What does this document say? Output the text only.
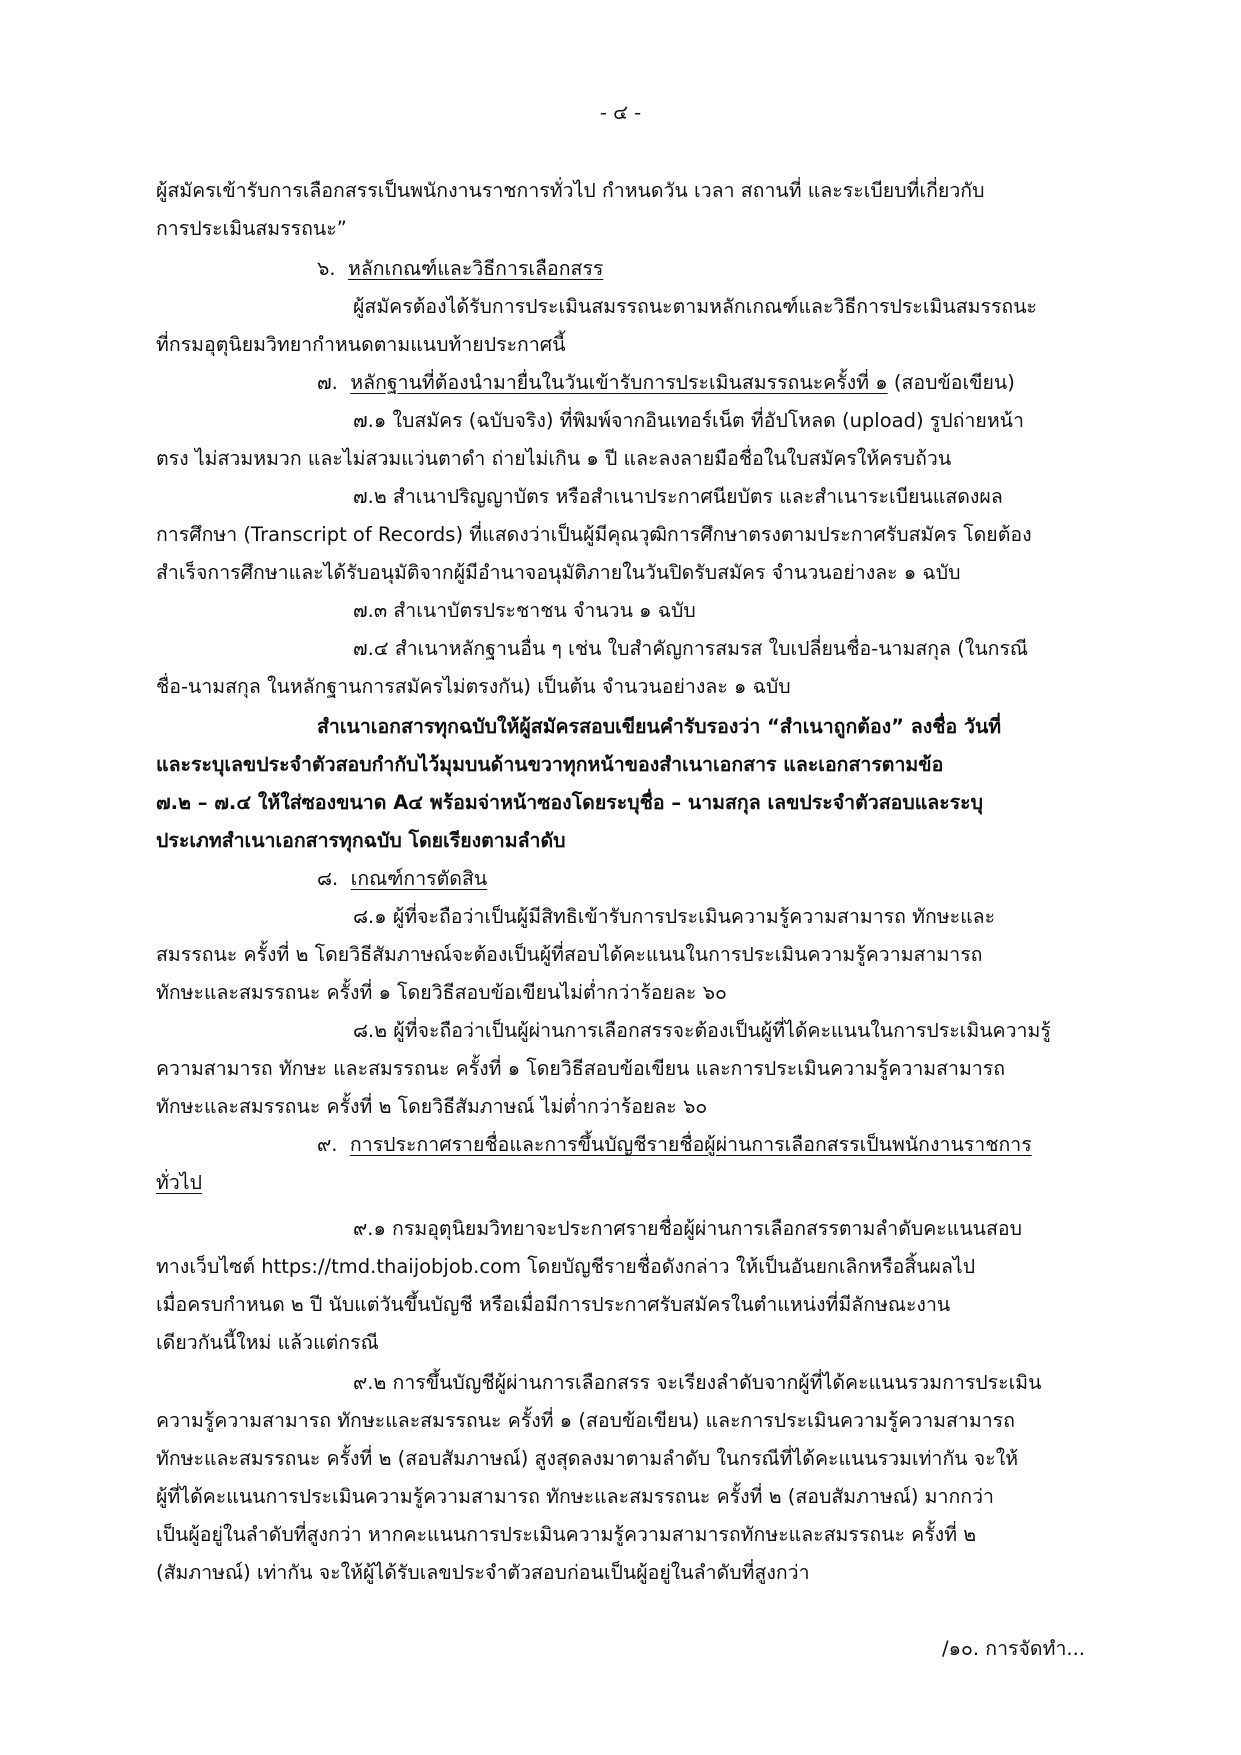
- ๔ -

ผู้สมัครเข้ารับการเลือกสรรเป็นพนักงานราชการทั่วไป กำหนดวัน เวลา สถานที่ และระเบียบที่เกี่ยวกับ

การประเมินสมรรถนะ”

๖. หลักเกณฑ์และวิธีการเลือกสรร

ผู้สมัครต้องได้รับการประเมินสมรรถนะตามหลักเกณฑ์และวิธีการประเมินสมรรถนะ

ที่กรมอุตุนิยมวิทยากำหนดตามแนบท้ายประกาศนี้

๗. หลักฐานที่ต้องนำมายื่นในวันเข้ารับการประเมินสมรรถนะครั้งที่ ๑ (สอบข้อเขียน)

๗.๑ ใบสมัคร (ฉบับจริง) ที่พิมพ์จากอินเทอร์เน็ต ที่อัปโหลด (upload) รูปถ่ายหน้า

ตรง ไม่สวมหมวก และไม่สวมแว่นตาดำ ถ่ายไม่เกิน ๑ ปี และลงลายมือชื่อในใบสมัครให้ครบถ้วน

๗.๒ สำเนาปริญญาบัตร หรือสำเนาประกาศนียบัตร และสำเนาระเบียนแสดงผล

การศึกษา (Transcript of Records) ที่แสดงว่าเป็นผู้มีคุณวุฒิการศึกษาตรงตามประกาศรับสมัคร โดยต้อง

สำเร็จการศึกษาและได้รับอนุมัติจากผู้มีอำนาจอนุมัติภายในวันปิดรับสมัคร จำนวนอย่างละ ๑ ฉบับ

๗.๓ สำเนาบัตรประชาชน จำนวน ๑ ฉบับ

๗.๔ สำเนาหลักฐานอื่น ๆ เช่น ใบสำคัญการสมรส ใบเปลี่ยนชื่อ-นามสกุล (ในกรณี

ชื่อ-นามสกุล ในหลักฐานการสมัครไม่ตรงกัน) เป็นต้น จำนวนอย่างละ ๑ ฉบับ

สำเนาเอกสารทุกฉบับให้ผู้สมัครสอบเขียนคำรับรองว่า “สำเนาถูกต้อง” ลงชื่อ วันที่

และระบุเลขประจำตัวสอบกำกับไว้มุมบนด้านขวาทุกหน้าของสำเนาเอกสาร และเอกสารตามข้อ

๗.๒ – ๗.๔ ให้ใส่ซองขนาด A๔ พร้อมจ่าหน้าซองโดยระบุชื่อ – นามสกุล เลขประจำตัวสอบและระบุ

ประเภทสำเนาเอกสารทุกฉบับ โดยเรียงตามลำดับ

๘. เกณฑ์การตัดสิน

๘.๑ ผู้ที่จะถือว่าเป็นผู้มีสิทธิเข้ารับการประเมินความรู้ความสามารถ ทักษะและ

สมรรถนะ ครั้งที่ ๒ โดยวิธีสัมภาษณ์จะต้องเป็นผู้ที่สอบได้คะแนนในการประเมินความรู้ความสามารถ

ทักษะและสมรรถนะ ครั้งที่ ๑ โดยวิธีสอบข้อเขียนไม่ต่ำกว่าร้อยละ ๖๐

๘.๒ ผู้ที่จะถือว่าเป็นผู้ผ่านการเลือกสรรจะต้องเป็นผู้ที่ได้คะแนนในการประเมินความรู้

ความสามารถ ทักษะ และสมรรถนะ ครั้งที่ ๑ โดยวิธีสอบข้อเขียน และการประเมินความรู้ความสามารถ

ทักษะและสมรรถนะ ครั้งที่ ๒ โดยวิธีสัมภาษณ์ ไม่ต่ำกว่าร้อยละ ๖๐

๙. การประกาศรายชื่อและการขึ้นบัญชีรายชื่อผู้ผ่านการเลือกสรรเป็นพนักงานราชการ

ทั่วไป

๙.๑ กรมอุตุนิยมวิทยาจะประกาศรายชื่อผู้ผ่านการเลือกสรรตามลำดับคะแนนสอบ

ทางเว็บไซต์ https://tmd.thaijobjob.com โดยบัญชีรายชื่อดังกล่าว ให้เป็นอันยกเลิกหรือสิ้นผลไป

เมื่อครบกำหนด ๒ ปี นับแต่วันขึ้นบัญชี หรือเมื่อมีการประกาศรับสมัครในตำแหน่งที่มีลักษณะงาน

เดียวกันนี้ใหม่ แล้วแต่กรณี

๙.๒ การขึ้นบัญชีผู้ผ่านการเลือกสรร จะเรียงลำดับจากผู้ที่ได้คะแนนรวมการประเมิน

ความรู้ความสามารถ ทักษะและสมรรถนะ ครั้งที่ ๑ (สอบข้อเขียน) และการประเมินความรู้ความสามารถ

ทักษะและสมรรถนะ ครั้งที่ ๒ (สอบสัมภาษณ์) สูงสุดลงมาตามลำดับ ในกรณีที่ได้คะแนนรวมเท่ากัน จะให้

ผู้ที่ได้คะแนนการประเมินความรู้ความสามารถ ทักษะและสมรรถนะ ครั้งที่ ๒ (สอบสัมภาษณ์) มากกว่า

เป็นผู้อยู่ในลำดับที่สูงกว่า หากคะแนนการประเมินความรู้ความสามารถทักษะและสมรรถนะ ครั้งที่ ๒

(สัมภาษณ์) เท่ากัน จะให้ผู้ได้รับเลขประจำตัวสอบก่อนเป็นผู้อยู่ในลำดับที่สูงกว่า

/๑๐. การจัดทำ...
